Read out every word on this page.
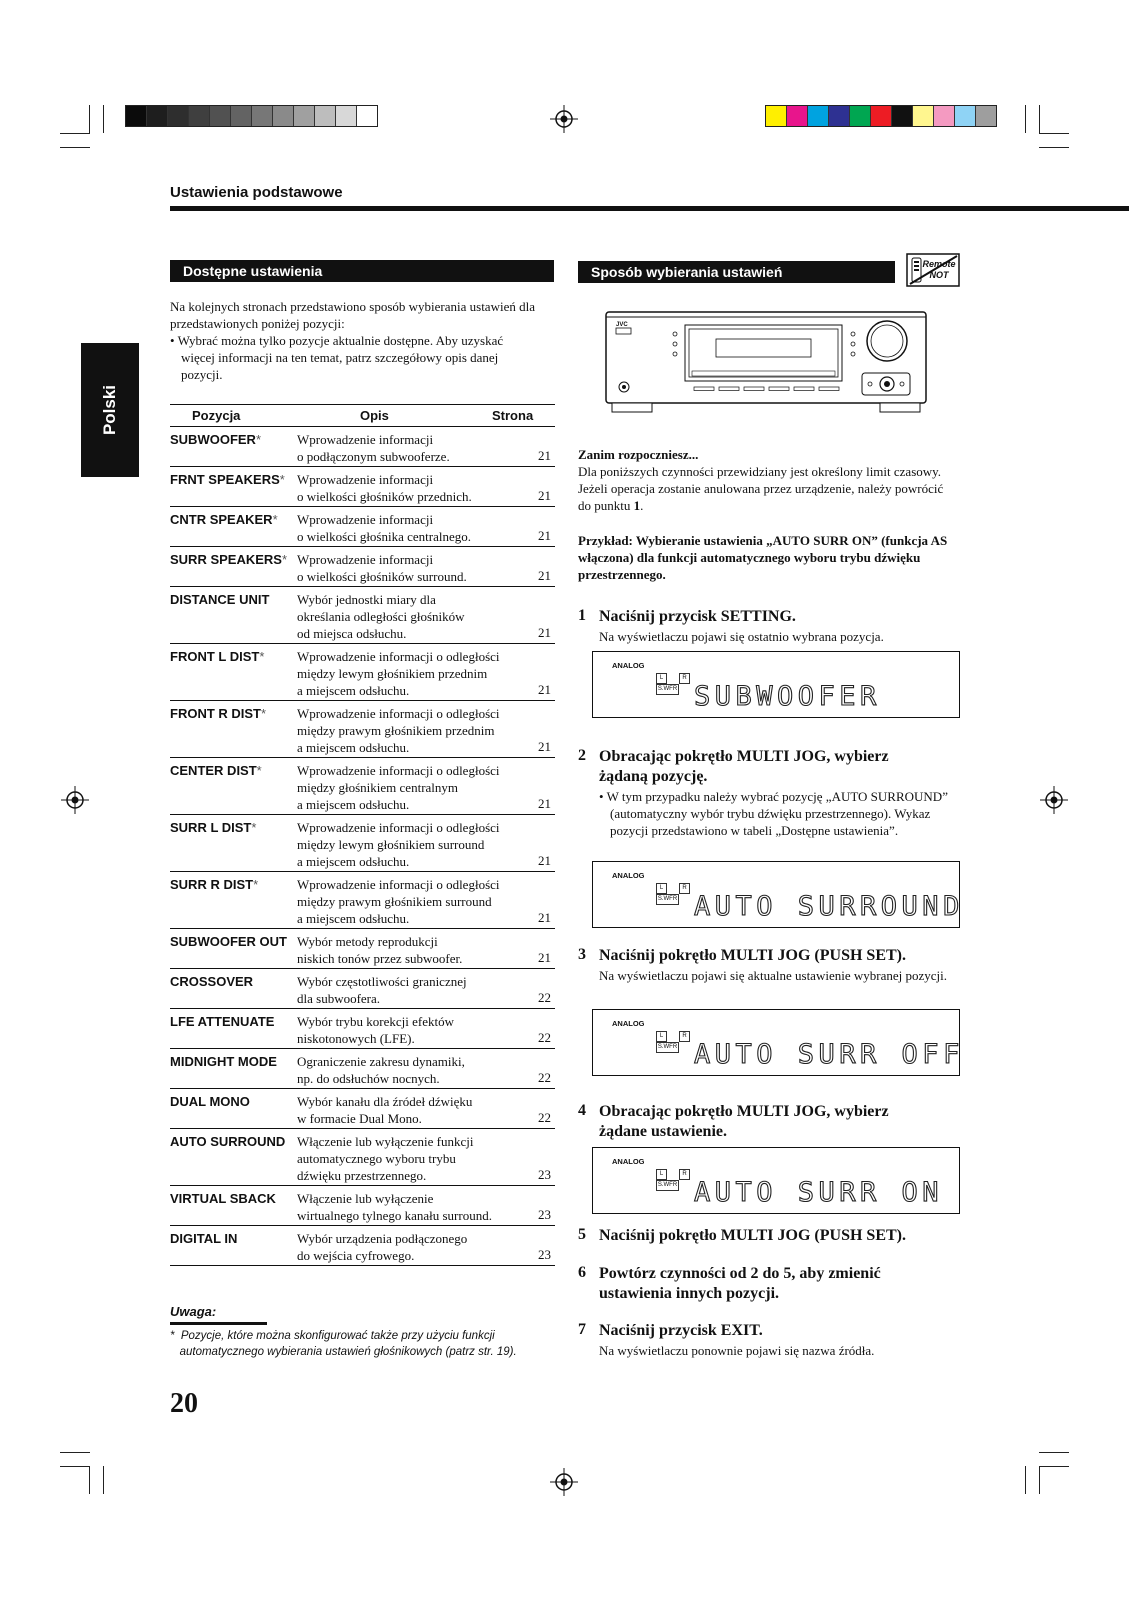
Ustawienia podstawowe
Polski
Dostępne ustawienia

Na kolejnych stronach przedstawiono sposób wybierania ustawień dla przedstawionych poniżej pozycji:

• Wybrać można tylko pozycje aktualnie dostępne. Aby uzyskać więcej informacji na ten temat, patrz szczegółowy opis danej pozycji.

Pozycja	Opis	Strona
SUBWOOFER*	Wprowadzenie informacji
o podłączonym subwooferze.	21
FRNT SPEAKERS* Wprowadzenie informacji
o wielkości głośników przednich.	21
CNTR SPEAKER* Wprowadzenie informacji
o wielkości głośnika centralnego.	21
SURR SPEAKERS* Wprowadzenie informacji
o wielkości głośników surround.	21
DISTANCE UNIT Wybór jednostki miary dla
określania odległości głośników
od miejsca odsłuchu.	21
FRONT L DIST*	Wprowadzenie informacji o odległości
między lewym głośnikiem przednim
a miejscem odsłuchu.	21
FRONT R DIST* Wprowadzenie informacji o odległości
między prawym głośnikiem przednim
a miejscem odsłuchu.	21
CENTER DIST*	Wprowadzenie informacji o odległości
między głośnikiem centralnym
a miejscem odsłuchu.	21
SURR L DIST*	Wprowadzenie informacji o odległości
między lewym głośnikiem surround
a miejscem odsłuchu.	21
SURR R DIST*	Wprowadzenie informacji o odległości
między prawym głośnikiem surround
a miejscem odsłuchu.	21
SUBWOOFER OUT Wybór metody reprodukcji
niskich tonów przez subwoofer.	21
CROSSOVER	Wybór częstotliwości granicznej
dla subwoofera.	22
LFE ATTENUATE Wybór trybu korekcji efektów
niskotonowych (LFE).	22
MIDNIGHT MODE Ograniczenie zakresu dynamiki,
np. do odsłuchów nocnych.	22
DUAL MONO	Wybór kanału dla źródeł dźwięku
w formacie Dual Mono.	22
AUTO SURROUND Włączenie lub wyłączenie funkcji
automatycznego wyboru trybu
dźwięku przestrzennego.	23
VIRTUAL SBACK Włączenie lub wyłączenie
wirtualnego tylnego kanału surround.	23
DIGITAL IN	Wybór urządzenia podłączonego
do wejścia cyfrowego.	23
Uwaga:
*  Pozycje, które można skonfigurować także przy użyciu funkcji
automatycznego wybierania ustawień głośnikowych (patrz str. 19).
20
Sposób wybierania ustawień	Remote
NOT
JVC

Zanim rozpoczniesz...

Dla poniższych czynności przewidziany jest określony limit czasowy. Jeżeli operacja zostanie anulowana przez urządzenie, należy powrócić do punktu 1.

Przykład: Wybieranie ustawienia „AUTO SURR ON” (funkcja AS włączona) dla funkcji automatycznego wyboru trybu dźwięku przestrzennego.
1 Naciśnij przycisk SETTING.
Na wyświetlaczu pojawi się ostatnio wybrana pozycja.
2 Obracając pokrętło MULTI JOG, wybierz żądaną pozycję.
• W tym przypadku należy wybrać pozycję „AUTO SURROUND” (automatyczny wybór trybu dźwięku przestrzennego). Wykaz pozycji przedstawiono w tabeli „Dostępne ustawienia”.
3 Naciśnij pokrętło MULTI JOG (PUSH SET).
Na wyświetlaczu pojawi się aktualne ustawienie wybranej pozycji.
4 Obracając pokrętło MULTI JOG, wybierz żądane ustawienie.
5 Naciśnij pokrętło MULTI JOG (PUSH SET).
6 Powtórz czynności od 2 do 5, aby zmienić ustawienia innych pozycji.
7 Naciśnij przycisk EXIT.
Na wyświetlaczu ponownie pojawi się nazwa źródła.
ANALOG
L	R
S.WFR SUBWOOFER
ANALOG
L	R
S.WFR AUTO SURROUND
ANALOG
L	R
S.WFR AUTO SURR OFF
ANALOG
L	R
S.WFR AUTO SURR ON
